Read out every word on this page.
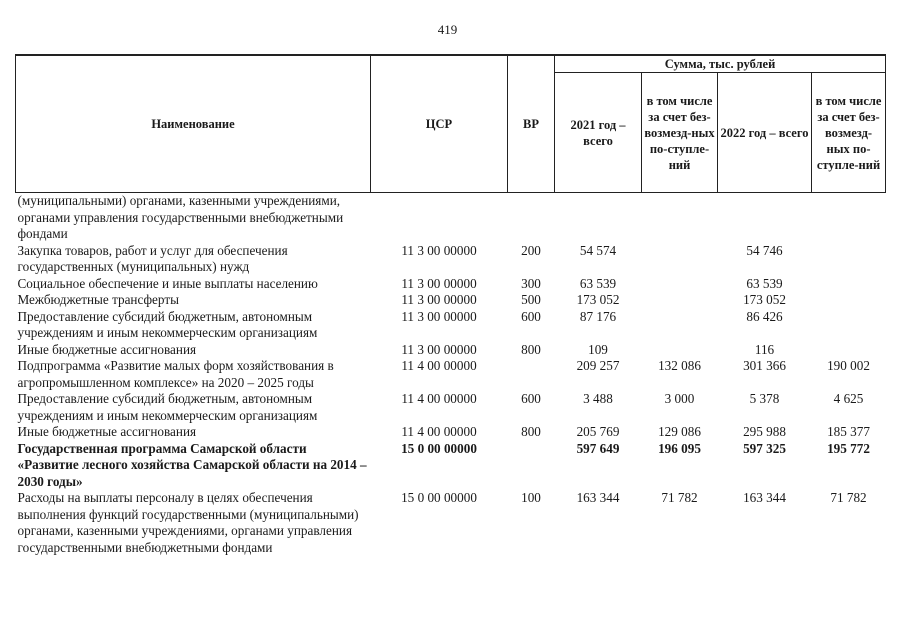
419
Наименование	ЦСР	ВР	Сумма, тыс. рублей			
			2021 год – всего	в том числе за счет без-возмезд-ных по-ступле-ний	2022 год – всего	в том числе за счет без-возмезд-ных по-ступле-ний
(муниципальными) органами, казенными учреждениями, органами управления государственными внебюджетными фондами						
Закупка товаров, работ и услуг для обеспечения государственных (муниципальных) нужд	11 3 00 00000	200	54 574		54 746	
Социальное обеспечение и иные выплаты населению	11 3 00 00000	300	63 539		63 539	
Межбюджетные трансферты	11 3 00 00000	500	173 052		173 052	
Предоставление субсидий бюджетным, автономным учреждениям и иным некоммерческим организациям	11 3 00 00000	600	87 176		86 426	
Иные бюджетные ассигнования	11 3 00 00000	800	109		116	
Подпрограмма «Развитие малых форм хозяйствования в агропромышленном комплексе» на 2020 – 2025 годы	11 4 00 00000		209 257	132 086	301 366	190 002
Предоставление субсидий бюджетным, автономным учреждениям и иным некоммерческим организациям	11 4 00 00000	600	3 488	3 000	5 378	4 625
Иные бюджетные ассигнования	11 4 00 00000	800	205 769	129 086	295 988	185 377
Государственная программа Самарской области «Развитие лесного хозяйства Самарской области на 2014 – 2030 годы»	15 0 00 00000		597 649	196 095	597 325	195 772
Расходы на выплаты персоналу в целях обеспечения выполнения функций государственными (муниципальными) органами, казенными учреждениями, органами управления государственными внебюджетными фондами	15 0 00 00000	100	163 344	71 782	163 344	71 782
